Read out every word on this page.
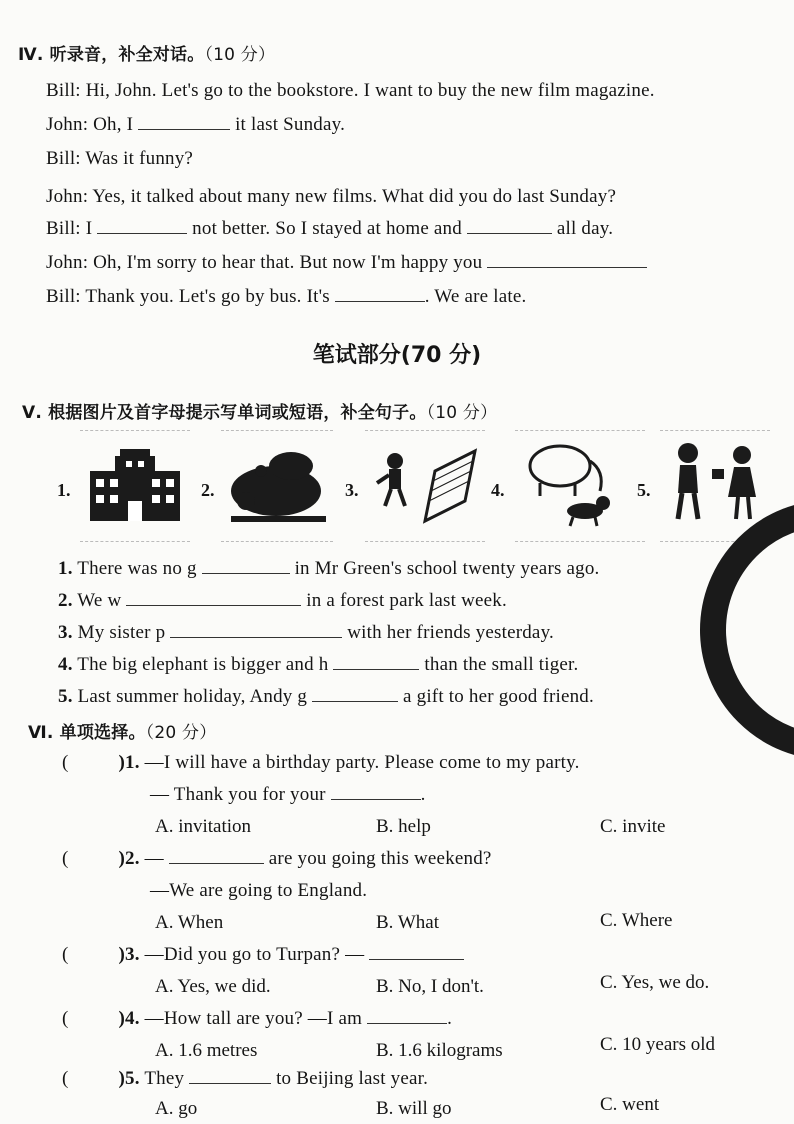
Ⅳ. 听录音，补全对话。（10 分）
Bill: Hi, John. Let's go to the bookstore. I want to buy the new film magazine.
John: Oh, I	it last Sunday.
Bill: Was it funny?
John: Yes, it talked about many new films. What did you do last Sunday?
Bill: I	not better. So I stayed at home and	all day.
John: Oh, I'm sorry to hear that. But now I'm happy you
Bill: Thank you. Let's go by bus. It's	. We are late.
笔试部分(70 分)
Ⅴ. 根据图片及首字母提示写单词或短语，补全句子。（10 分）
1.	2.	3.	4.	5.
1. There was no g	in Mr Green's school twenty years ago.
2. We w	in a forest park last week.
3. My sister p	with her friends yesterday.
4. The big elephant is bigger and h	than the small tiger.
5. Last summer holiday, Andy g	a gift to her good friend.
Ⅵ. 单项选择。（20 分）
(	)1. —I will have a birthday party. Please come to my party.
— Thank you for your	.
A. invitation	B. help	C. invite
(	)2. —	are you going this weekend?
—We are going to England.
A. When	B. What	C. Where
(	)3. —Did you go to Turpan? —
A. Yes, we did.	B. No, I don't.	C. Yes, we do.
(	)4. —How tall are you? —I am	.
A. 1.6 metres	B. 1.6 kilograms	C. 10 years old
(	)5. They	to Beijing last year.
A. go	B. will go	C. went
